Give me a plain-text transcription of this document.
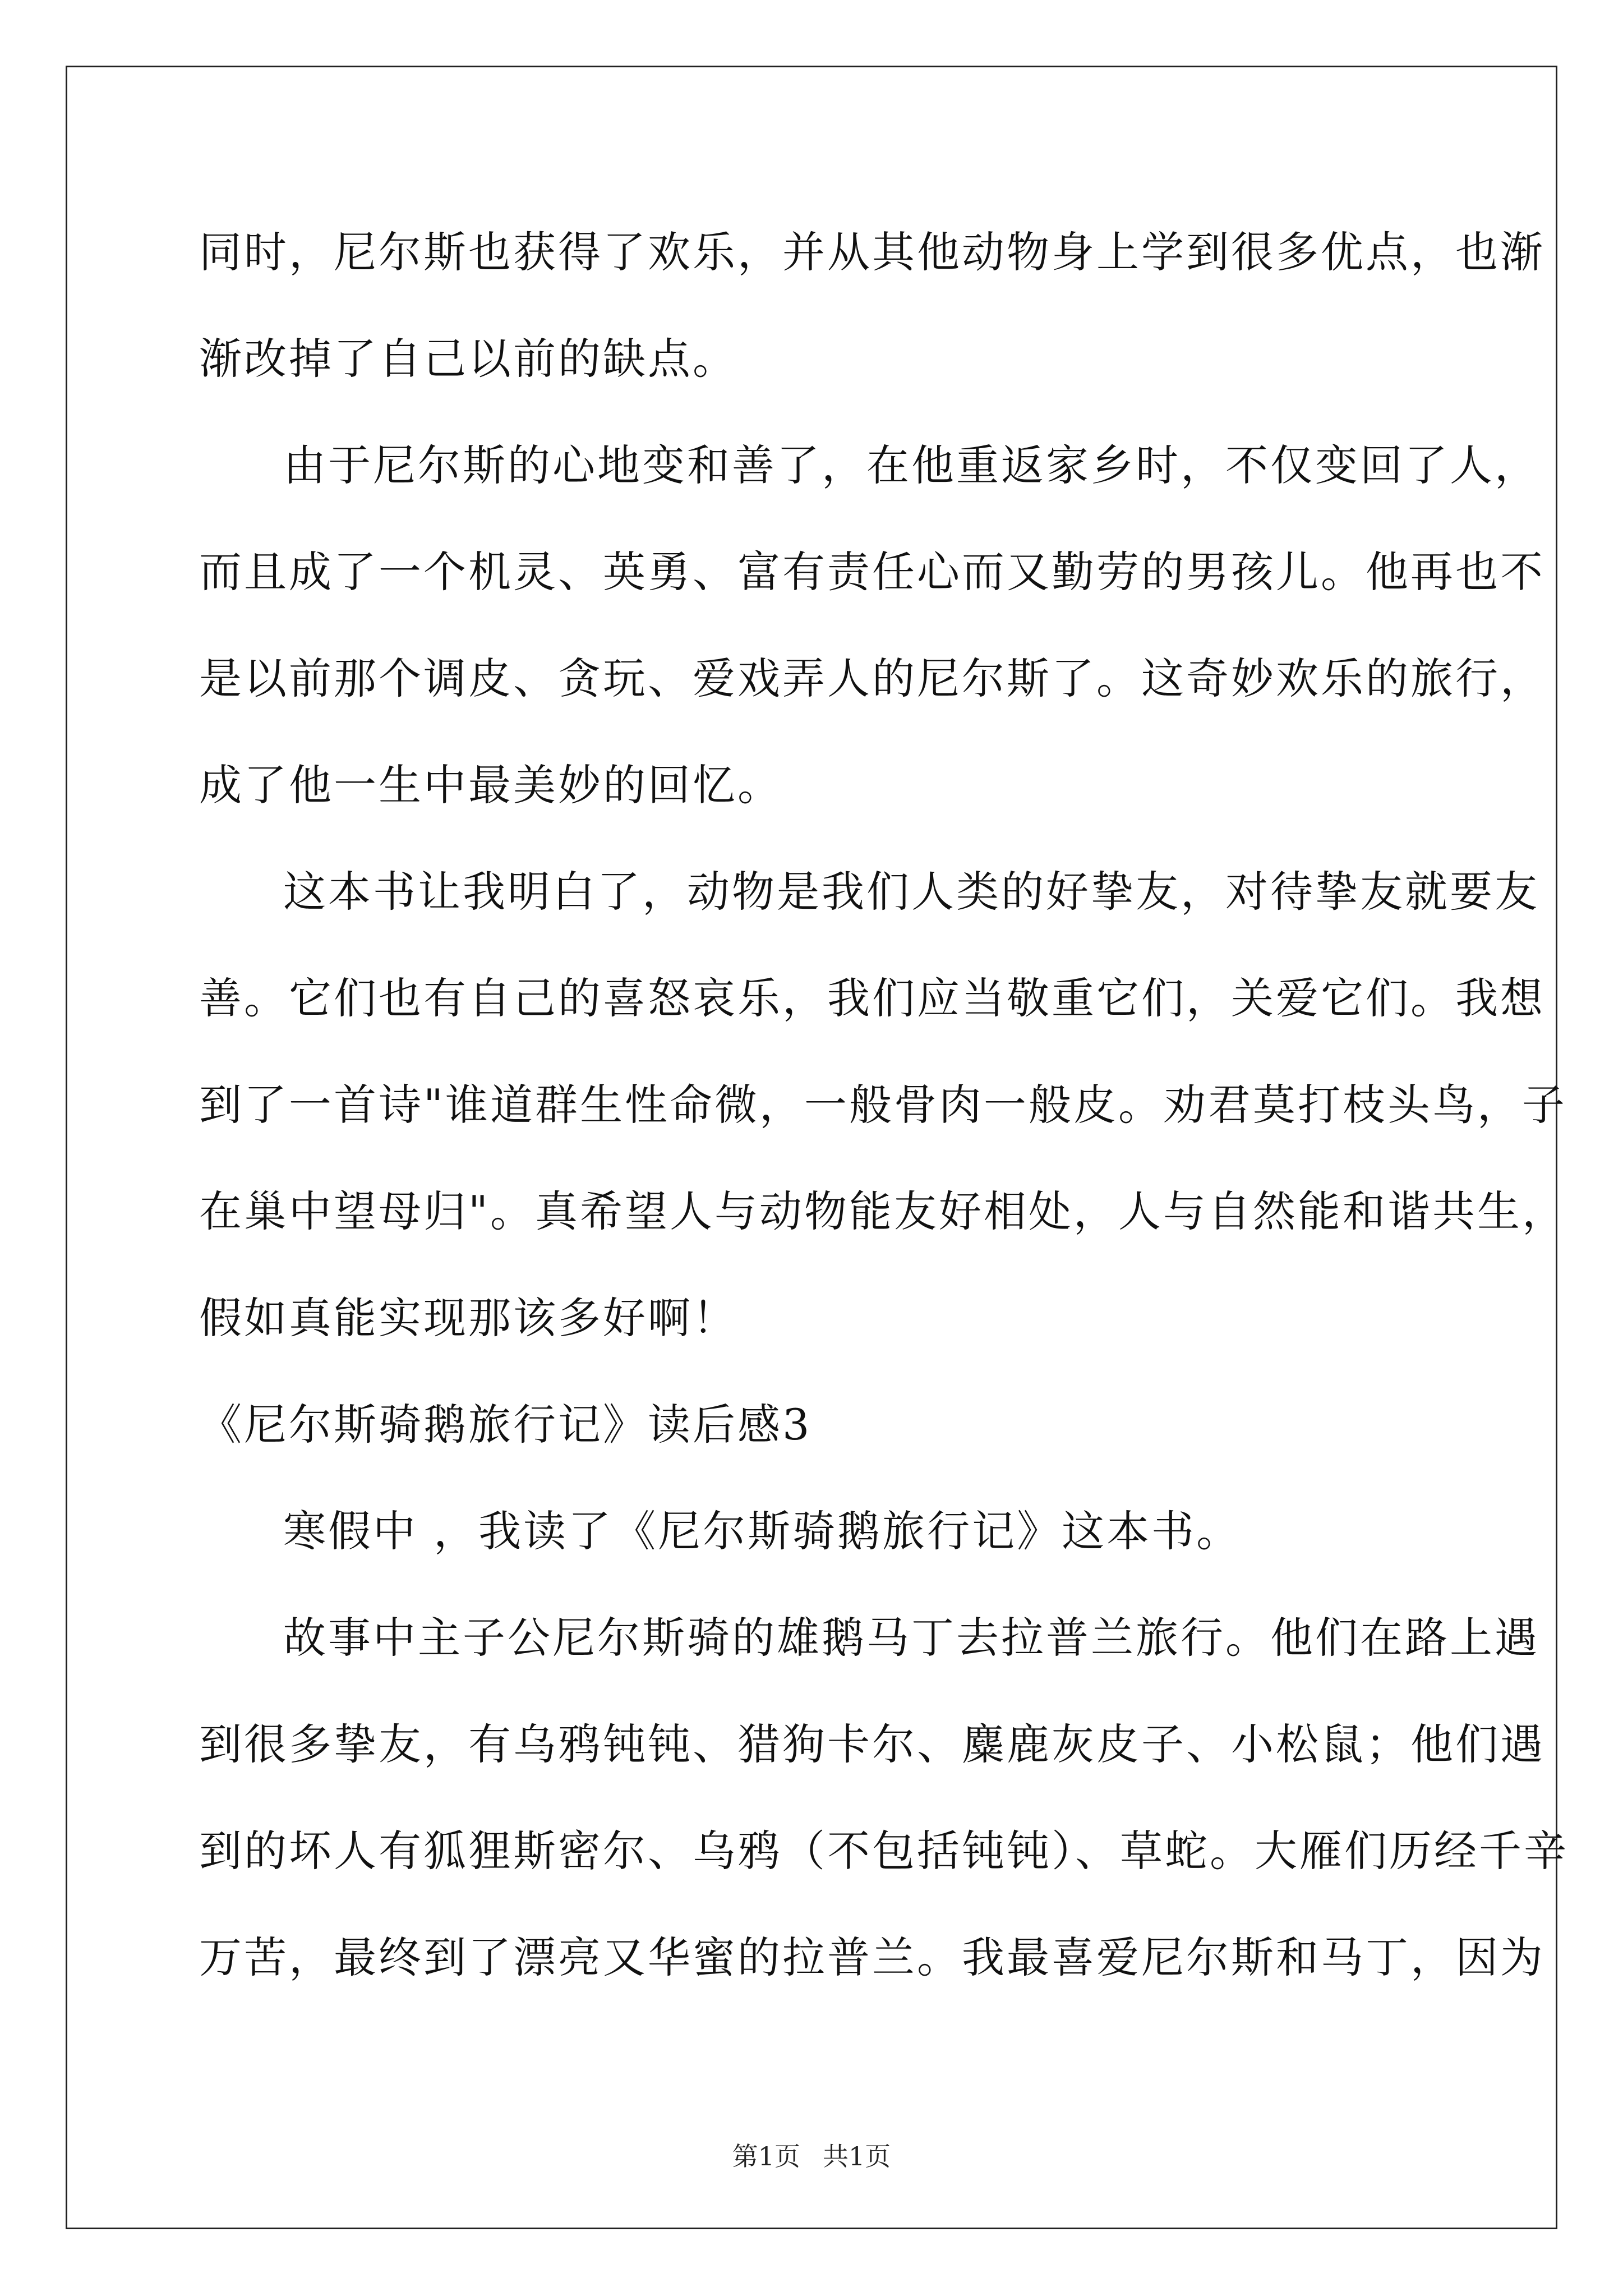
同时，尼尔斯也获得了欢乐，并从其他动物身上学到很多优点，也渐
渐改掉了自己以前的缺点。
由于尼尔斯的心地变和善了，在他重返家乡时，不仅变回了人，
而且成了一个机灵、英勇、富有责任心而又勤劳的男孩儿。他再也不
是以前那个调皮、贪玩、爱戏弄人的尼尔斯了。这奇妙欢乐的旅行，
成了他一生中最美妙的回忆。
这本书让我明白了，动物是我们人类的好挚友，对待挚友就要友
善。它们也有自己的喜怒哀乐，我们应当敬重它们，关爱它们。我想
到了一首诗"谁道群生性命微，一般骨肉一般皮。劝君莫打枝头鸟，子
在巢中望母归"。真希望人与动物能友好相处，人与自然能和谐共生，
假如真能实现那该多好啊！
《尼尔斯骑鹅旅行记》读后感3
寒假中 ，我读了《尼尔斯骑鹅旅行记》这本书。
故事中主子公尼尔斯骑的雄鹅马丁去拉普兰旅行。他们在路上遇
到很多挚友，有乌鸦钝钝、猎狗卡尔、麋鹿灰皮子、小松鼠；他们遇
到的坏人有狐狸斯密尔、乌鸦（不包括钝钝）、草蛇。大雁们历经千辛
万苦，最终到了漂亮又华蜜的拉普兰。我最喜爱尼尔斯和马丁，因为
第1页 共1页
